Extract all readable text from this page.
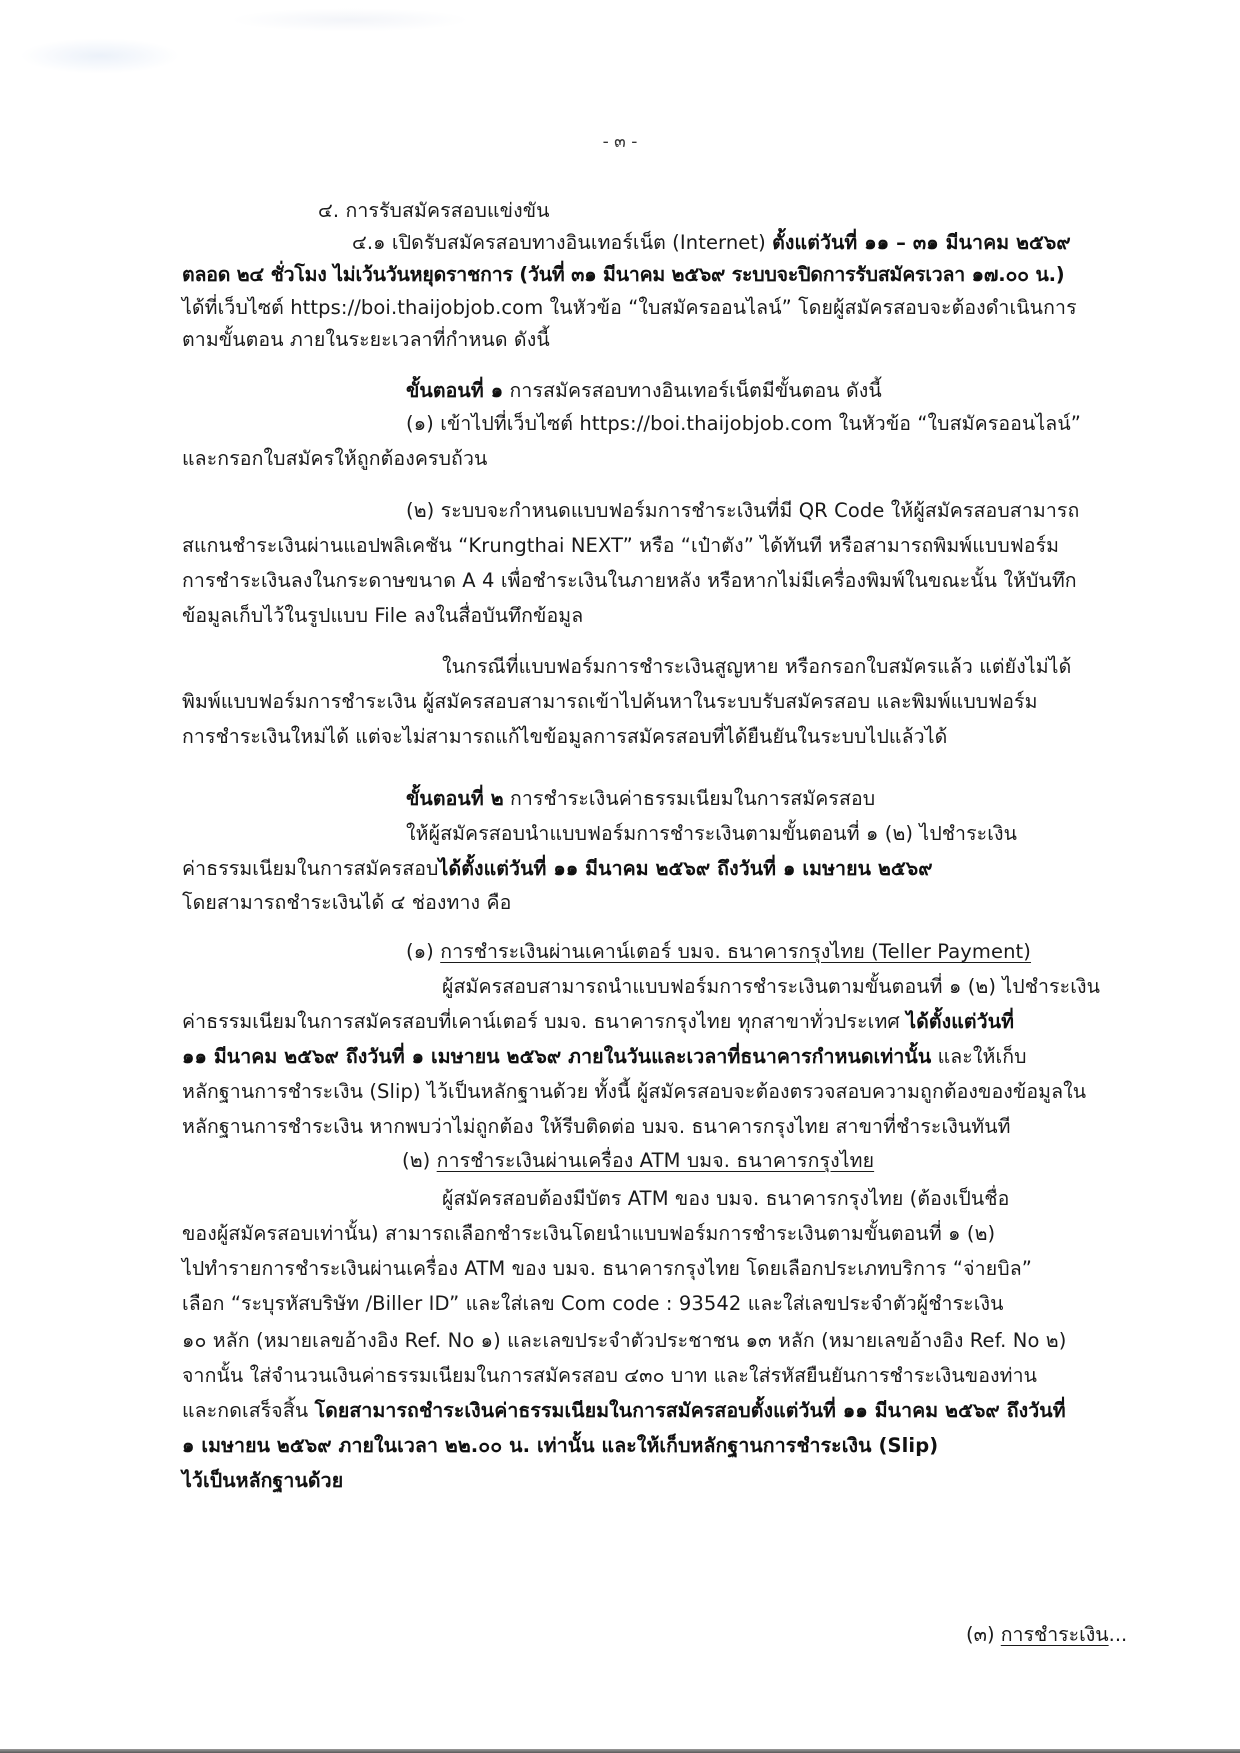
- ๓ -
๔. การรับสมัครสอบแข่งขัน
๔.๑ เปิดรับสมัครสอบทางอินเทอร์เน็ต (Internet) ตั้งแต่วันที่ ๑๑ – ๓๑ มีนาคม ๒๕๖๙
ตลอด ๒๔ ชั่วโมง ไม่เว้นวันหยุดราชการ (วันที่ ๓๑ มีนาคม ๒๕๖๙ ระบบจะปิดการรับสมัครเวลา ๑๗.๐๐ น.)
ได้ที่เว็บไซต์ https://boi.thaijobjob.com ในหัวข้อ “ใบสมัครออนไลน์” โดยผู้สมัครสอบจะต้องดำเนินการ
ตามขั้นตอน ภายในระยะเวลาที่กำหนด ดังนี้
ขั้นตอนที่ ๑ การสมัครสอบทางอินเทอร์เน็ตมีขั้นตอน ดังนี้
(๑) เข้าไปที่เว็บไซต์ https://boi.thaijobjob.com ในหัวข้อ “ใบสมัครออนไลน์”
และกรอกใบสมัครให้ถูกต้องครบถ้วน
(๒) ระบบจะกำหนดแบบฟอร์มการชำระเงินที่มี QR Code ให้ผู้สมัครสอบสามารถ
สแกนชำระเงินผ่านแอปพลิเคชัน “Krungthai NEXT” หรือ “เป๋าตัง” ได้ทันที หรือสามารถพิมพ์แบบฟอร์ม
การชำระเงินลงในกระดาษขนาด A 4 เพื่อชำระเงินในภายหลัง หรือหากไม่มีเครื่องพิมพ์ในขณะนั้น ให้บันทึก
ข้อมูลเก็บไว้ในรูปแบบ File ลงในสื่อบันทึกข้อมูล
ในกรณีที่แบบฟอร์มการชำระเงินสูญหาย หรือกรอกใบสมัครแล้ว แต่ยังไม่ได้
พิมพ์แบบฟอร์มการชำระเงิน ผู้สมัครสอบสามารถเข้าไปค้นหาในระบบรับสมัครสอบ และพิมพ์แบบฟอร์ม
การชำระเงินใหม่ได้ แต่จะไม่สามารถแก้ไขข้อมูลการสมัครสอบที่ได้ยืนยันในระบบไปแล้วได้
ขั้นตอนที่ ๒ การชำระเงินค่าธรรมเนียมในการสมัครสอบ
ให้ผู้สมัครสอบนำแบบฟอร์มการชำระเงินตามขั้นตอนที่ ๑ (๒) ไปชำระเงิน
ค่าธรรมเนียมในการสมัครสอบได้ตั้งแต่วันที่ ๑๑ มีนาคม ๒๕๖๙ ถึงวันที่ ๑ เมษายน ๒๕๖๙
โดยสามารถชำระเงินได้ ๔ ช่องทาง คือ
(๑) การชำระเงินผ่านเคาน์เตอร์ บมจ. ธนาคารกรุงไทย (Teller Payment)
ผู้สมัครสอบสามารถนำแบบฟอร์มการชำระเงินตามขั้นตอนที่ ๑ (๒) ไปชำระเงิน
ค่าธรรมเนียมในการสมัครสอบที่เคาน์เตอร์ บมจ. ธนาคารกรุงไทย ทุกสาขาทั่วประเทศ ได้ตั้งแต่วันที่
๑๑ มีนาคม ๒๕๖๙ ถึงวันที่ ๑ เมษายน ๒๕๖๙ ภายในวันและเวลาที่ธนาคารกำหนดเท่านั้น และให้เก็บ
หลักฐานการชำระเงิน (Slip) ไว้เป็นหลักฐานด้วย ทั้งนี้ ผู้สมัครสอบจะต้องตรวจสอบความถูกต้องของข้อมูลใน
หลักฐานการชำระเงิน หากพบว่าไม่ถูกต้อง ให้รีบติดต่อ บมจ. ธนาคารกรุงไทย สาขาที่ชำระเงินทันที
(๒) การชำระเงินผ่านเครื่อง ATM บมจ. ธนาคารกรุงไทย
ผู้สมัครสอบต้องมีบัตร ATM ของ บมจ. ธนาคารกรุงไทย (ต้องเป็นชื่อ
ของผู้สมัครสอบเท่านั้น) สามารถเลือกชำระเงินโดยนำแบบฟอร์มการชำระเงินตามขั้นตอนที่ ๑ (๒)
ไปทำรายการชำระเงินผ่านเครื่อง ATM ของ บมจ. ธนาคารกรุงไทย โดยเลือกประเภทบริการ “จ่ายบิล”
เลือก “ระบุรหัสบริษัท /Biller ID” และใส่เลข Com code : 93542 และใส่เลขประจำตัวผู้ชำระเงิน
๑๐ หลัก (หมายเลขอ้างอิง Ref. No ๑) และเลขประจำตัวประชาชน ๑๓ หลัก (หมายเลขอ้างอิง Ref. No ๒)
จากนั้น ใส่จำนวนเงินค่าธรรมเนียมในการสมัครสอบ ๔๓๐ บาท และใส่รหัสยืนยันการชำระเงินของท่าน
และกดเสร็จสิ้น โดยสามารถชำระเงินค่าธรรมเนียมในการสมัครสอบตั้งแต่วันที่ ๑๑ มีนาคม ๒๕๖๙ ถึงวันที่
๑ เมษายน ๒๕๖๙ ภายในเวลา ๒๒.๐๐ น. เท่านั้น และให้เก็บหลักฐานการชำระเงิน (Slip)
ไว้เป็นหลักฐานด้วย
(๓) การชำระเงิน...
